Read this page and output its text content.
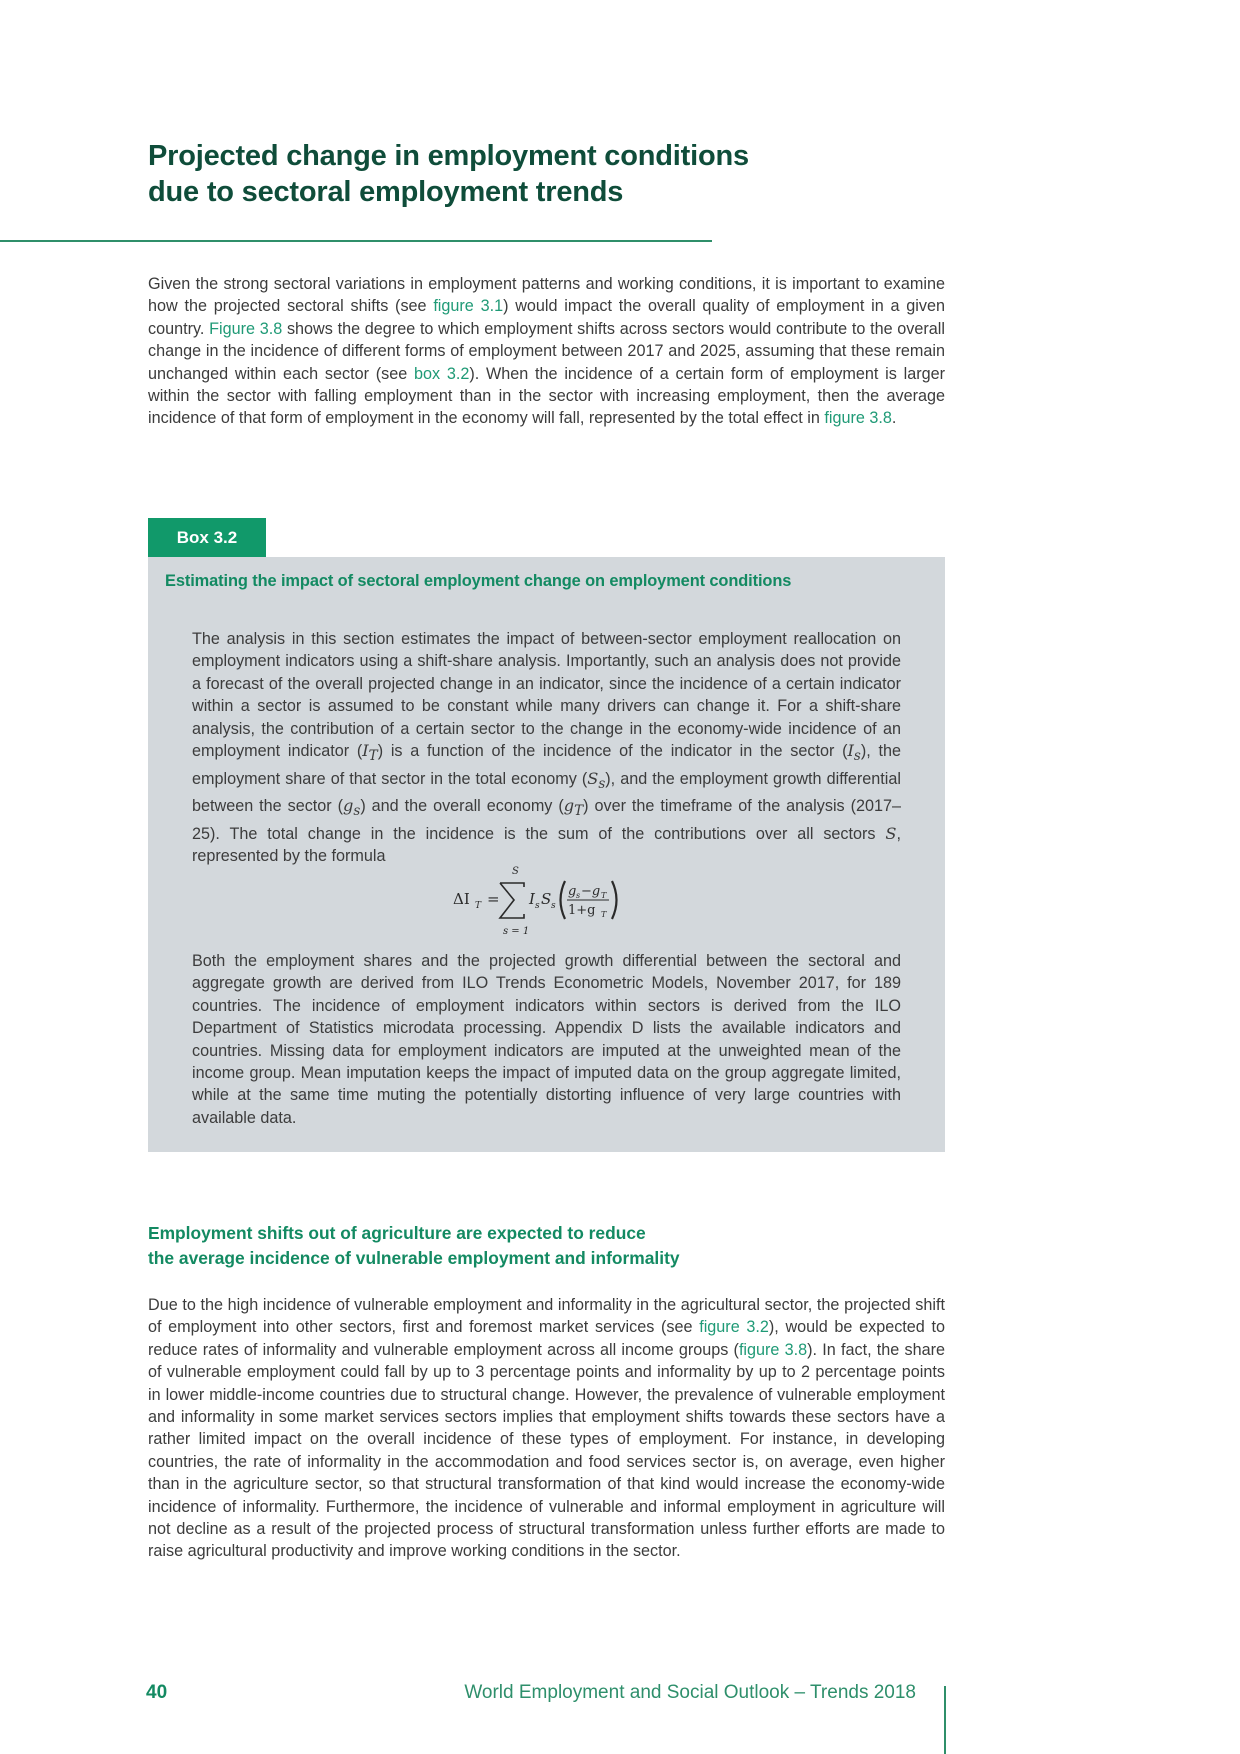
Projected change in employment conditions
due to sectoral employment trends

Given the strong sectoral variations in employment patterns and working conditions, it is important to examine how the projected sectoral shifts (see figure 3.1) would impact the overall quality of employment in a given country. Figure 3.8 shows the degree to which employment shifts across sectors would contribute to the overall change in the incidence of different forms of employment between 2017 and 2025, assuming that these remain unchanged within each sector (see box 3.2). When the incidence of a certain form of employment is larger within the sector with falling employment than in the sector with increasing employment, then the average incidence of that form of employment in the economy will fall, represented by the total effect in figure 3.8.

Box 3.2
Estimating the impact of sectoral employment change on employment conditions

The analysis in this section estimates the impact of between-sector employment reallocation on employment indicators using a shift-share analysis. Importantly, such an analysis does not provide a forecast of the overall projected change in an indicator, since the incidence of a certain indicator within a sector is assumed to be constant while many drivers can change it. For a shift-share analysis, the contribution of a certain sector to the change in the economy-wide incidence of an employment indicator $(I_T)$ is a function of the incidence of the indicator in the sector $(I_s)$, the employment share of that sector in the total economy $(S_s)$, and the employment growth differential between the sector $(g_s)$ and the overall economy $(g_T)$ over the timeframe of the analysis (2017–25). The total change in the incidence is the sum of the contributions over all sectors S, represented by the formula

ΔI T =
S
s = 1
I s S s
g s −g T
1+g T

Both the employment shares and the projected growth differential between the sectoral and aggregate growth are derived from ILO Trends Econometric Models, November 2017, for 189 countries. The incidence of employment indicators within sectors is derived from the ILO Department of Statistics microdata processing. Appendix D lists the available indicators and countries. Missing data for employment indicators are imputed at the unweighted mean of the income group. Mean imputation keeps the impact of imputed data on the group aggregate limited, while at the same time muting the potentially distorting influence of very large countries with available data.

Employment shifts out of agriculture are expected to reduce
the average incidence of vulnerable employment and informality

Due to the high incidence of vulnerable employment and informality in the agricultural sector, the projected shift of employment into other sectors, first and foremost market services (see figure 3.2), would be expected to reduce rates of informality and vulnerable employment across all income groups (figure 3.8). In fact, the share of vulnerable employment could fall by up to 3 percentage points and informality by up to 2 percentage points in lower middle-income countries due to structural change. However, the prevalence of vulnerable employment and informality in some market services sectors implies that employment shifts towards these sectors have a rather limited impact on the overall incidence of these types of employment. For instance, in developing countries, the rate of informality in the accommodation and food services sector is, on average, even higher than in the agriculture sector, so that structural transformation of that kind would increase the economy-wide incidence of informality. Furthermore, the incidence of vulnerable and informal employment in agriculture will not decline as a result of the projected process of structural transformation unless further efforts are made to raise agricultural productivity and improve working conditions in the sector.

40	World Employment and Social Outlook – Trends 2018
